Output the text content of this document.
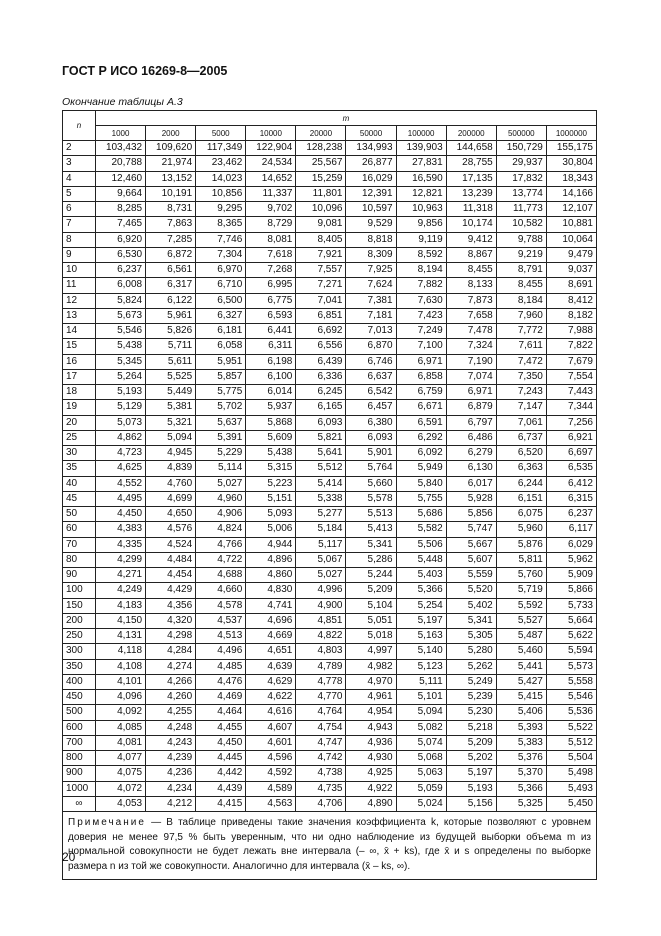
ГОСТ Р ИСО 16269-8—2005
Окончание таблицы А.3
n	m									
	1000	2000	5000	10000	20000	50000	100000	200000	500000	1000000
2	103,432	109,620	117,349	122,904	128,238	134,993	139,903	144,658	150,729	155,175
3	20,788	21,974	23,462	24,534	25,567	26,877	27,831	28,755	29,937	30,804
4	12,460	13,152	14,023	14,652	15,259	16,029	16,590	17,135	17,832	18,343
5	9,664	10,191	10,856	11,337	11,801	12,391	12,821	13,239	13,774	14,166
6	8,285	8,731	9,295	9,702	10,096	10,597	10,963	11,318	11,773	12,107
7	7,465	7,863	8,365	8,729	9,081	9,529	9,856	10,174	10,582	10,881
8	6,920	7,285	7,746	8,081	8,405	8,818	9,119	9,412	9,788	10,064
9	6,530	6,872	7,304	7,618	7,921	8,309	8,592	8,867	9,219	9,479
10	6,237	6,561	6,970	7,268	7,557	7,925	8,194	8,455	8,791	9,037
11	6,008	6,317	6,710	6,995	7,271	7,624	7,882	8,133	8,455	8,691
12	5,824	6,122	6,500	6,775	7,041	7,381	7,630	7,873	8,184	8,412
13	5,673	5,961	6,327	6,593	6,851	7,181	7,423	7,658	7,960	8,182
14	5,546	5,826	6,181	6,441	6,692	7,013	7,249	7,478	7,772	7,988
15	5,438	5,711	6,058	6,311	6,556	6,870	7,100	7,324	7,611	7,822
16	5,345	5,611	5,951	6,198	6,439	6,746	6,971	7,190	7,472	7,679
17	5,264	5,525	5,857	6,100	6,336	6,637	6,858	7,074	7,350	7,554
18	5,193	5,449	5,775	6,014	6,245	6,542	6,759	6,971	7,243	7,443
19	5,129	5,381	5,702	5,937	6,165	6,457	6,671	6,879	7,147	7,344
20	5,073	5,321	5,637	5,868	6,093	6,380	6,591	6,797	7,061	7,256
25	4,862	5,094	5,391	5,609	5,821	6,093	6,292	6,486	6,737	6,921
30	4,723	4,945	5,229	5,438	5,641	5,901	6,092	6,279	6,520	6,697
35	4,625	4,839	5,114	5,315	5,512	5,764	5,949	6,130	6,363	6,535
40	4,552	4,760	5,027	5,223	5,414	5,660	5,840	6,017	6,244	6,412
45	4,495	4,699	4,960	5,151	5,338	5,578	5,755	5,928	6,151	6,315
50	4,450	4,650	4,906	5,093	5,277	5,513	5,686	5,856	6,075	6,237
60	4,383	4,576	4,824	5,006	5,184	5,413	5,582	5,747	5,960	6,117
70	4,335	4,524	4,766	4,944	5,117	5,341	5,506	5,667	5,876	6,029
80	4,299	4,484	4,722	4,896	5,067	5,286	5,448	5,607	5,811	5,962
90	4,271	4,454	4,688	4,860	5,027	5,244	5,403	5,559	5,760	5,909
100	4,249	4,429	4,660	4,830	4,996	5,209	5,366	5,520	5,719	5,866
150	4,183	4,356	4,578	4,741	4,900	5,104	5,254	5,402	5,592	5,733
200	4,150	4,320	4,537	4,696	4,851	5,051	5,197	5,341	5,527	5,664
250	4,131	4,298	4,513	4,669	4,822	5,018	5,163	5,305	5,487	5,622
300	4,118	4,284	4,496	4,651	4,803	4,997	5,140	5,280	5,460	5,594
350	4,108	4,274	4,485	4,639	4,789	4,982	5,123	5,262	5,441	5,573
400	4,101	4,266	4,476	4,629	4,778	4,970	5,111	5,249	5,427	5,558
450	4,096	4,260	4,469	4,622	4,770	4,961	5,101	5,239	5,415	5,546
500	4,092	4,255	4,464	4,616	4,764	4,954	5,094	5,230	5,406	5,536
600	4,085	4,248	4,455	4,607	4,754	4,943	5,082	5,218	5,393	5,522
700	4,081	4,243	4,450	4,601	4,747	4,936	5,074	5,209	5,383	5,512
800	4,077	4,239	4,445	4,596	4,742	4,930	5,068	5,202	5,376	5,504
900	4,075	4,236	4,442	4,592	4,738	4,925	5,063	5,197	5,370	5,498
1000	4,072	4,234	4,439	4,589	4,735	4,922	5,059	5,193	5,366	5,493
∞	4,053	4,212	4,415	4,563	4,706	4,890	5,024	5,156	5,325	5,450
Примечание — В таблице приведены такие значения коэффициента k, которые позволяют с уровнем доверия не менее 97,5 % быть уверенным, что ни одно наблюдение из будущей выборки объема m из нормальной совокупности не будет лежать вне интервала (– ∞, x̄ + ks), где x̄ и s определены по выборке размера n из той же совокупности. Аналогично для интервала (x̄ – ks, ∞).										
20
